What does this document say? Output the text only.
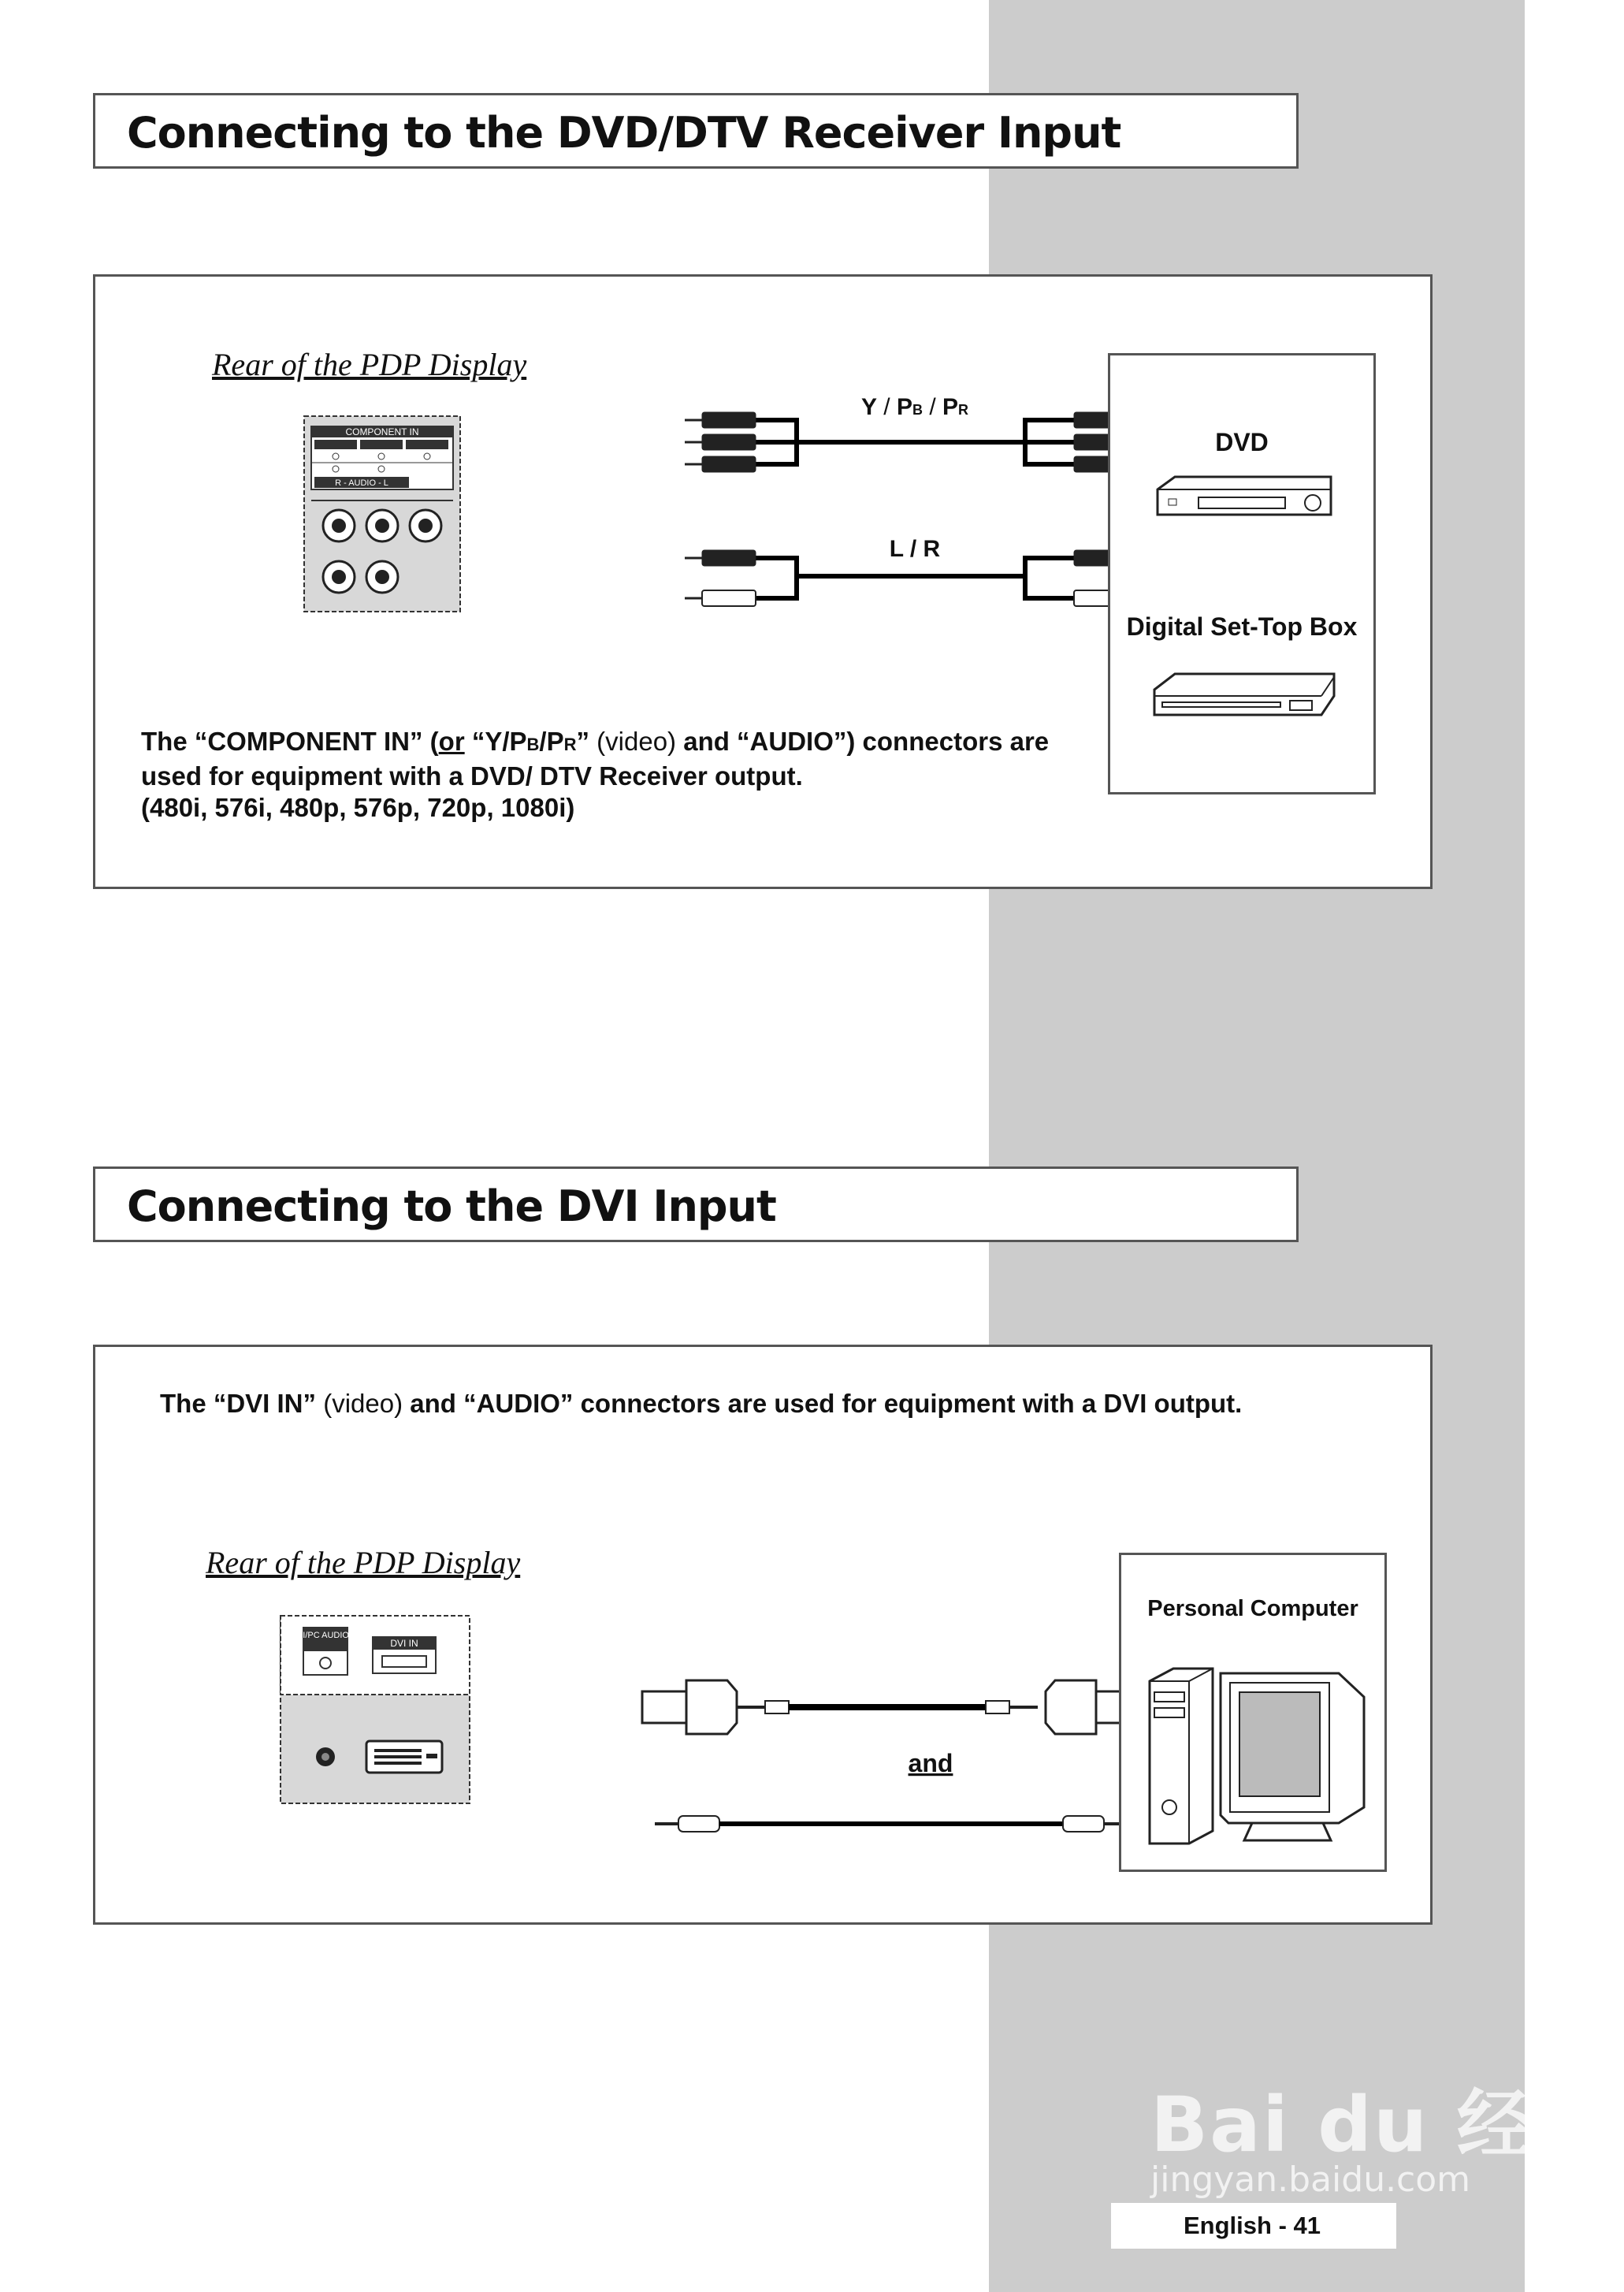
Connecting to the DVD/DTV Receiver Input
Rear of the PDP Display
COMPONENT IN
R - AUDIO - L
Y / PB / PR
L / R
The “COMPONENT IN” (or “Y/PB/PR” (video) and “AUDIO”) connectors are
used for equipment with a DVD/ DTV Receiver output.
(480i, 576i, 480p, 576p, 720p, 1080i)
DVD
Digital Set-Top Box
Connecting to the DVI Input
The “DVI IN” (video) and “AUDIO” connectors are used for equipment with a DVI output.
Rear of the PDP Display
DVI/PC AUDIO IN
DVI IN
and
Personal Computer
Bai du 经验
jingyan.baidu.com
English - 41
